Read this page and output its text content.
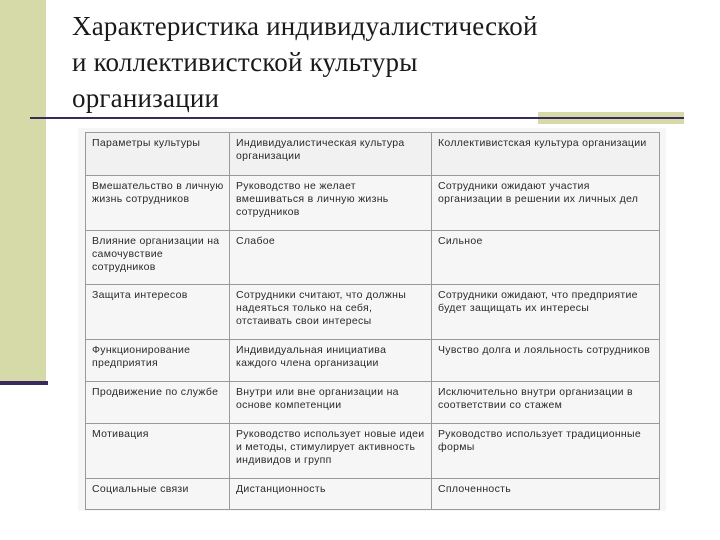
Характеристика индивидуалистической
и коллективистской культуры
организации
Параметры культуры	Индивидуалистическая культура организации	Коллективистская культура организации
Вмешательство в личную жизнь сотрудников	Руководство не желает вмешиваться в личную жизнь сотрудников	Сотрудники ожидают участия организации в решении их личных дел
Влияние организации на самочувствие сотрудников	Слабое	Сильное
Защита интересов	Сотрудники считают, что должны надеяться только на себя, отстаивать свои интересы	Сотрудники ожидают, что предприятие будет защищать их интересы
Функционирование предприятия	Индивидуальная инициатива каждого члена организации	Чувство долга и лояльность сотрудников
Продвижение по службе	Внутри или вне организации на основе компетенции	Исключительно внутри организации в соответствии со стажем
Мотивация	Руководство использует новые идеи и методы, стимулирует активность индивидов и групп	Руководство использует традиционные формы
Социальные связи	Дистанционность	Сплоченность
